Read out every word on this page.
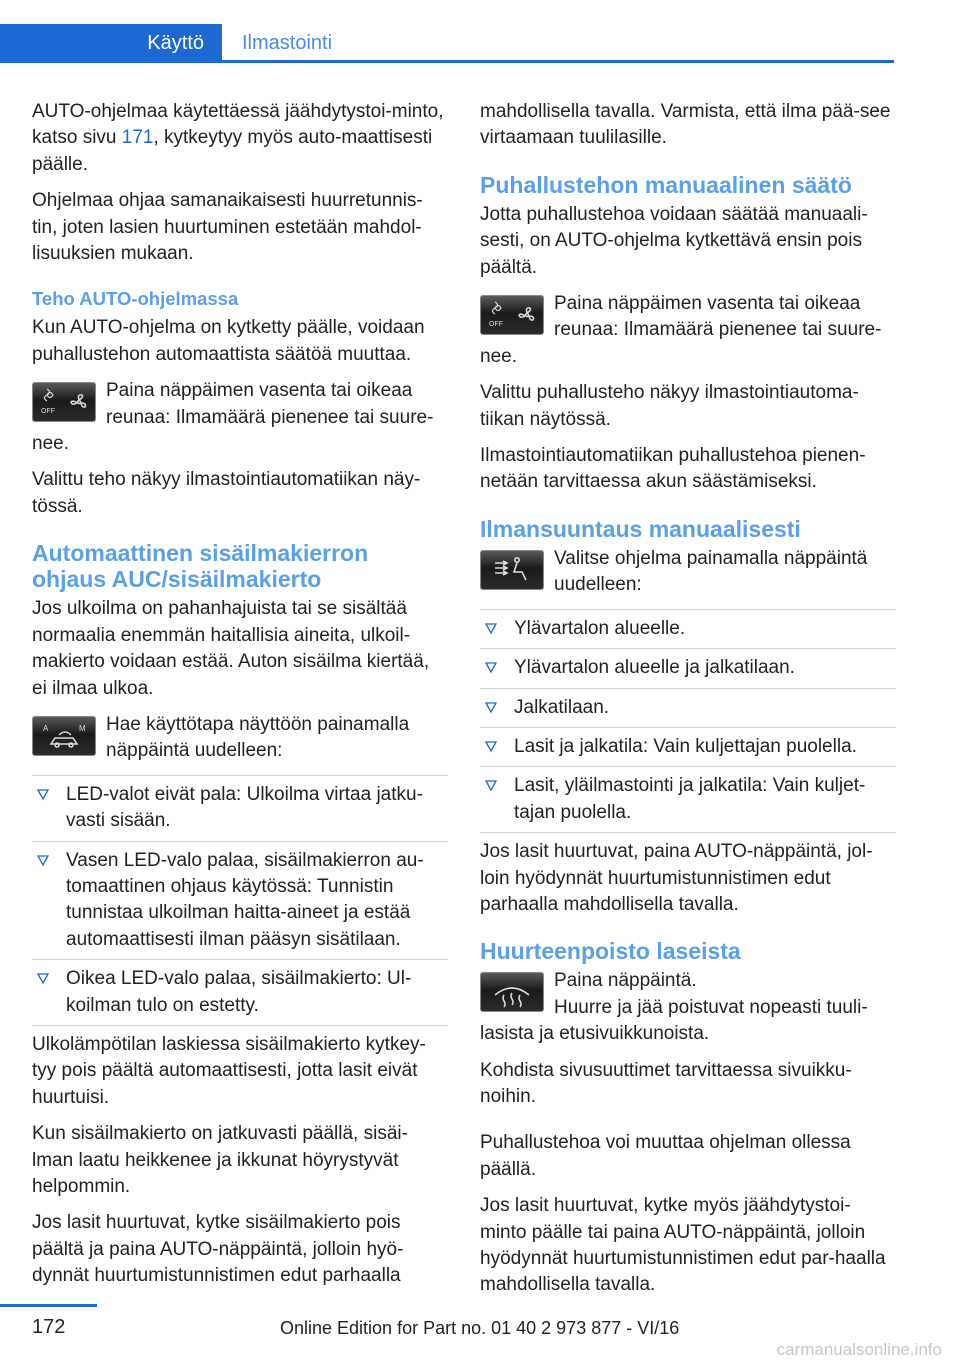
Käyttö	Ilmastointi

AUTO-ohjelmaa käytettäessä jäähdytystoi-minto, katso sivu 171, kytkeytyy myös auto-maattisesti päälle.

Ohjelmaa ohjaa samanaikaisesti huurretunnis-tin, joten lasien huurtuminen estetään mahdol-lisuuksien mukaan.

Teho AUTO-ohjelmassa

Kun AUTO-ohjelma on kytketty päälle, voidaan puhallustehon automaattista säätöä muuttaa.

OFF
Paina näppäimen vasenta tai oikeaa reunaa: Ilmamäärä pienenee tai suure-
nee.

Valittu teho näkyy ilmastointiautomatiikan näy-tössä.

Automaattinen sisäilmakierron ohjaus AUC/sisäilmakierto

Jos ulkoilma on pahanhajuista tai se sisältää normaalia enemmän haitallisia aineita, ulkoil-makierto voidaan estää. Auton sisäilma kiertää, ei ilmaa ulkoa.

A	M Hae käyttötapa näyttöön painamalla näppäintä uudelleen:
LED-valot eivät pala: Ulkoilma virtaa jatku-vasti sisään.
Vasen LED-valo palaa, sisäilmakierron au-tomaattinen ohjaus käytössä: Tunnistin tunnistaa ulkoilman haitta-aineet ja estää automaattisesti ilman pääsyn sisätilaan.
Oikea LED-valo palaa, sisäilmakierto: Ul-koilman tulo on estetty.

Ulkolämpötilan laskiessa sisäilmakierto kytkey-tyy pois päältä automaattisesti, jotta lasit eivät huurtuisi.

Kun sisäilmakierto on jatkuvasti päällä, sisäi-lman laatu heikkenee ja ikkunat höyrystyvät helpommin.

Jos lasit huurtuvat, kytke sisäilmakierto pois päältä ja paina AUTO-näppäintä, jolloin hyö-dynnät huurtumistunnistimen edut parhaalla

mahdollisella tavalla. Varmista, että ilma pää-see virtaamaan tuulilasille.

Puhallustehon manuaalinen säätö

Jotta puhallustehoa voidaan säätää manuaali-sesti, on AUTO-ohjelma kytkettävä ensin pois päältä.

OFF
Paina näppäimen vasenta tai oikeaa reunaa: Ilmamäärä pienenee tai suure-
nee.

Valittu puhallusteho näkyy ilmastointiautoma-tiikan näytössä.

Ilmastointiautomatiikan puhallustehoa pienen-netään tarvittaessa akun säästämiseksi.

Ilmansuuntaus manuaalisesti
Valitse ohjelma painamalla näppäintä uudelleen:
Ylävartalon alueelle.
Ylävartalon alueelle ja jalkatilaan.
Jalkatilaan.
Lasit ja jalkatila: Vain kuljettajan puolella.
Lasit, yläilmastointi ja jalkatila: Vain kuljet-tajan puolella.

Jos lasit huurtuvat, paina AUTO-näppäintä, jol-loin hyödynnät huurtumistunnistimen edut parhaalla mahdollisella tavalla.

Huurteenpoisto laseista
Paina näppäintä.
Huurre ja jää poistuvat nopeasti tuuli-
lasista ja etusivuikkunoista.

Kohdista sivusuuttimet tarvittaessa sivuikku-noihin.

Puhallustehoa voi muuttaa ohjelman ollessa päällä.

Jos lasit huurtuvat, kytke myös jäähdytystoi-minto päälle tai paina AUTO-näppäintä, jolloin hyödynnät huurtumistunnistimen edut par-haalla mahdollisella tavalla.

172	Online Edition for Part no. 01 40 2 973 877 - VI/16
carmanualsonline.info
